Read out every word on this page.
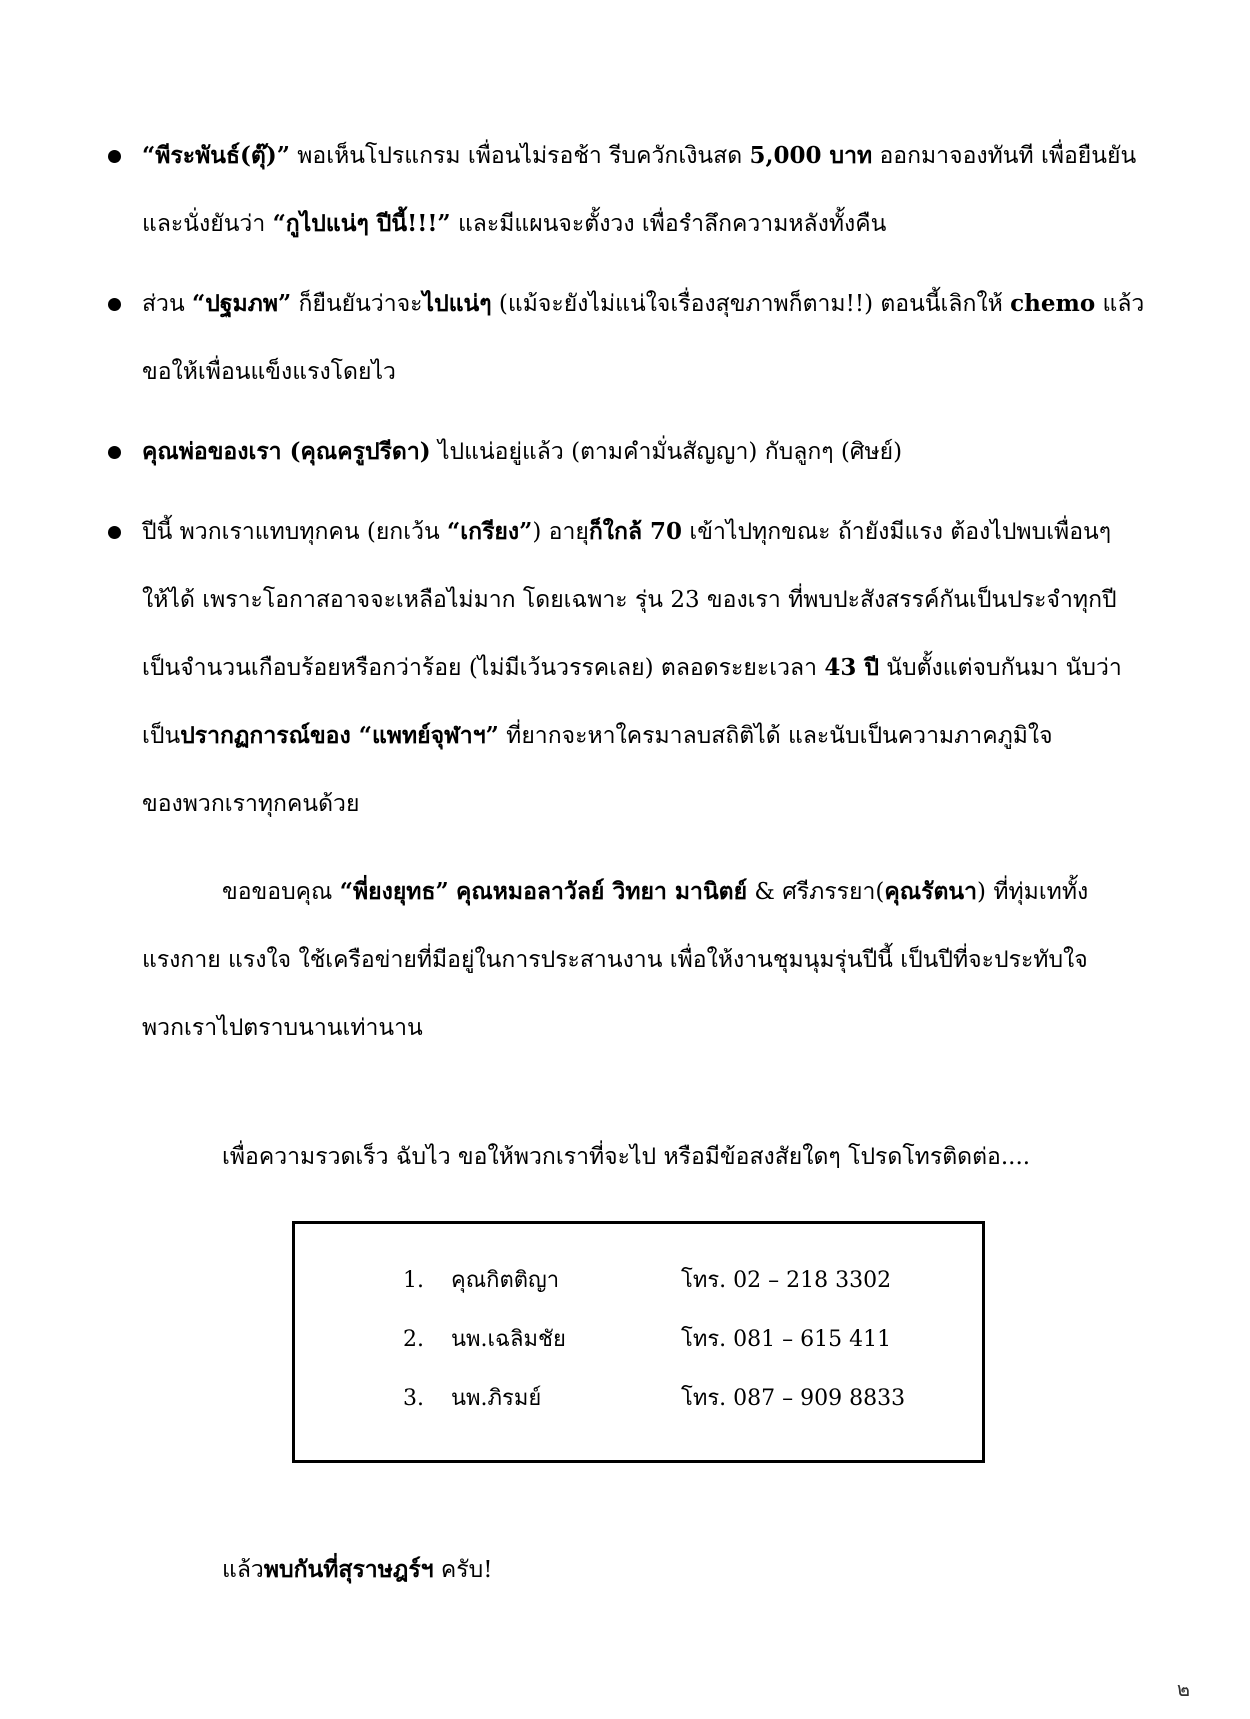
“พีระพันธ์(ตุ๊)” พอเห็นโปรแกรม เพื่อนไม่รอช้า รีบควักเงินสด 5,000 บาท ออกมาจองทันที เพื่อยืนยัน
และนั่งยันว่า “กูไปแน่ๆ ปีนี้!!!” และมีแผนจะตั้งวง เพื่อรำลึกความหลังทั้งคืน
ส่วน “ปฐมภพ” ก็ยืนยันว่าจะไปแน่ๆ (แม้จะยังไม่แน่ใจเรื่องสุขภาพก็ตาม!!) ตอนนี้เลิกให้ chemo แล้ว
ขอให้เพื่อนแข็งแรงโดยไว
คุณพ่อของเรา (คุณครูปรีดา) ไปแน่อยู่แล้ว (ตามคำมั่นสัญญา) กับลูกๆ (ศิษย์)
ปีนี้ พวกเราแทบทุกคน (ยกเว้น “เกรียง”) อายุก็ใกล้ 70 เข้าไปทุกขณะ ถ้ายังมีแรง ต้องไปพบเพื่อนๆ
ให้ได้ เพราะโอกาสอาจจะเหลือไม่มาก โดยเฉพาะ รุ่น 23 ของเรา ที่พบปะสังสรรค์กันเป็นประจำทุกปี
เป็นจำนวนเกือบร้อยหรือกว่าร้อย (ไม่มีเว้นวรรคเลย) ตลอดระยะเวลา 43 ปี นับตั้งแต่จบกันมา นับว่า
เป็นปรากฏการณ์ของ “แพทย์จุฬาฯ” ที่ยากจะหาใครมาลบสถิติได้ และนับเป็นความภาคภูมิใจ
ของพวกเราทุกคนด้วย
ขอขอบคุณ “พี่ยงยุทธ” คุณหมอลาวัลย์ วิทยา มานิตย์ & ศรีภรรยา(คุณรัตนา) ที่ทุ่มเททั้ง
แรงกาย แรงใจ ใช้เครือข่ายที่มีอยู่ในการประสานงาน เพื่อให้งานชุมนุมรุ่นปีนี้ เป็นปีที่จะประทับใจ
พวกเราไปตราบนานเท่านาน
เพื่อความรวดเร็ว ฉับไว ขอให้พวกเราที่จะไป หรือมีข้อสงสัยใดๆ โปรดโทรติดต่อ....
1. คุณกิตติญา	โทร. 02 – 218 3302
2. นพ.เฉลิมชัย	โทร. 081 – 615 411
3. นพ.ภิรมย์	โทร. 087 – 909 8833
แล้วพบกันที่สุราษฎร์ฯ ครับ!
๒
